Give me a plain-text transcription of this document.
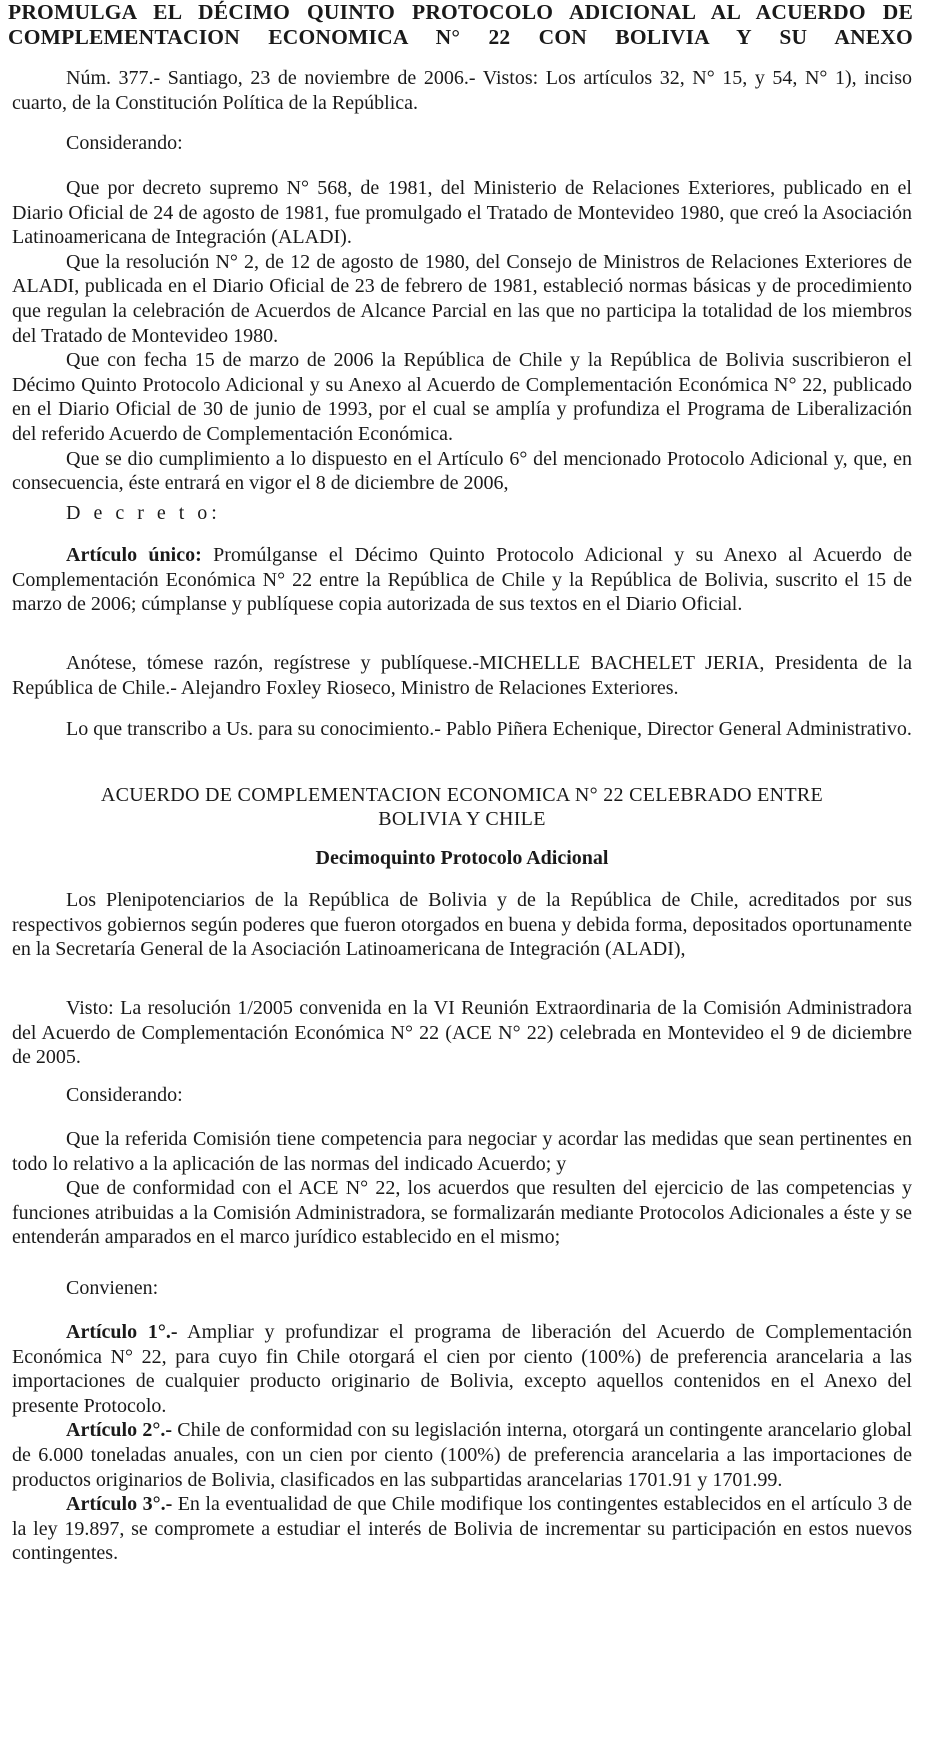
PROMULGA EL DÉCIMO QUINTO PROTOCOLO ADICIONAL AL ACUERDO DE
COMPLEMENTACION ECONOMICA N° 22 CON BOLIVIA Y SU ANEXO

Núm. 377.- Santiago, 23 de noviembre de 2006.- Vistos: Los artículos 32, N° 15, y 54, N° 1), inciso cuarto, de la Constitución Política de la República.

Considerando:

Que por decreto supremo N° 568, de 1981, del Ministerio de Relaciones Exteriores, publicado en el Diario Oficial de 24 de agosto de 1981, fue promulgado el Tratado de Montevideo 1980, que creó la Asociación Latinoamericana de Integración (ALADI).

Que la resolución N° 2, de 12 de agosto de 1980, del Consejo de Ministros de Relaciones Exteriores de ALADI, publicada en el Diario Oficial de 23 de febrero de 1981, estableció normas básicas y de procedimiento que regulan la celebración de Acuerdos de Alcance Parcial en las que no participa la totalidad de los miembros del Tratado de Montevideo 1980.

Que con fecha 15 de marzo de 2006 la República de Chile y la República de Bolivia suscribieron el Décimo Quinto Protocolo Adicional y su Anexo al Acuerdo de Complementación Económica N° 22, publicado en el Diario Oficial de 30 de junio de 1993, por el cual se amplía y profundiza el Programa de Liberalización del referido Acuerdo de Complementación Económica.

Que se dio cumplimiento a lo dispuesto en el Artículo 6° del mencionado Protocolo Adicional y, que, en consecuencia, éste entrará en vigor el 8 de diciembre de 2006,

D e c r e t o:

Artículo único: Promúlganse el Décimo Quinto Protocolo Adicional y su Anexo al Acuerdo de Complementación Económica N° 22 entre la República de Chile y la República de Bolivia, suscrito el 15 de marzo de 2006; cúmplanse y publíquese copia autorizada de sus textos en el Diario Oficial.

Anótese, tómese razón, regístrese y publíquese.-MICHELLE BACHELET JERIA, Presidenta de la República de Chile.- Alejandro Foxley Rioseco, Ministro de Relaciones Exteriores.

Lo que transcribo a Us. para su conocimiento.- Pablo Piñera Echenique, Director General Administrativo.

ACUERDO DE COMPLEMENTACION ECONOMICA N° 22 CELEBRADO ENTRE
BOLIVIA Y CHILE
Decimoquinto Protocolo Adicional

Los Plenipotenciarios de la República de Bolivia y de la República de Chile, acreditados por sus respectivos gobiernos según poderes que fueron otorgados en buena y debida forma, depositados oportunamente en la Secretaría General de la Asociación Latinoamericana de Integración (ALADI),

Visto: La resolución 1/2005 convenida en la VI Reunión Extraordinaria de la Comisión Administradora del Acuerdo de Complementación Económica N° 22 (ACE N° 22) celebrada en Montevideo el 9 de diciembre de 2005.

Considerando:

Que la referida Comisión tiene competencia para negociar y acordar las medidas que sean pertinentes en todo lo relativo a la aplicación de las normas del indicado Acuerdo; y

Que de conformidad con el ACE N° 22, los acuerdos que resulten del ejercicio de las competencias y funciones atribuidas a la Comisión Administradora, se formalizarán mediante Protocolos Adicionales a éste y se entenderán amparados en el marco jurídico establecido en el mismo;

Convienen:

Artículo 1°.- Ampliar y profundizar el programa de liberación del Acuerdo de Complementación Económica N° 22, para cuyo fin Chile otorgará el cien por ciento (100%) de preferencia arancelaria a las importaciones de cualquier producto originario de Bolivia, excepto aquellos contenidos en el Anexo del presente Protocolo.

Artículo 2°.- Chile de conformidad con su legislación interna, otorgará un contingente arancelario global de 6.000 toneladas anuales, con un cien por ciento (100%) de preferencia arancelaria a las importaciones de productos originarios de Bolivia, clasificados en las subpartidas arancelarias 1701.91 y 1701.99.

Artículo 3°.- En la eventualidad de que Chile modifique los contingentes establecidos en el artículo 3 de la ley 19.897, se compromete a estudiar el interés de Bolivia de incrementar su participación en estos nuevos contingentes.
